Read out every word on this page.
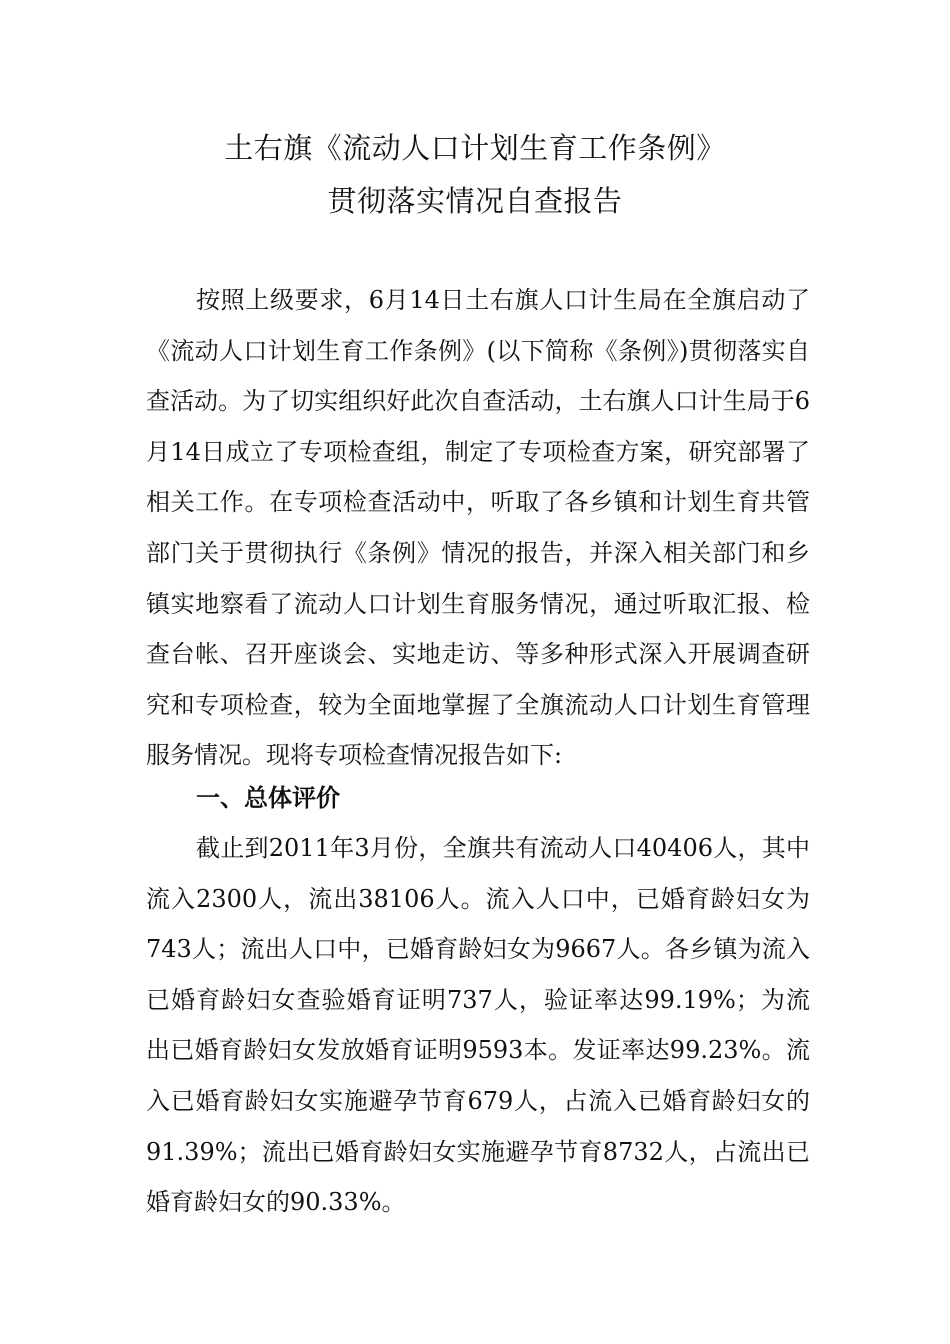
土右旗《流动人口计划生育工作条例》
贯彻落实情况自查报告

按照上级要求，6月14日土右旗人口计生局在全旗启动了《流动人口计划生育工作条例》(以下简称《条例》)贯彻落实自查活动。为了切实组织好此次自查活动，土右旗人口计生局于6月14日成立了专项检查组，制定了专项检查方案，研究部署了相关工作。在专项检查活动中，听取了各乡镇和计划生育共管部门关于贯彻执行《条例》情况的报告，并深入相关部门和乡镇实地察看了流动人口计划生育服务情况，通过听取汇报、检查台帐、召开座谈会、实地走访、等多种形式深入开展调查研究和专项检查，较为全面地掌握了全旗流动人口计划生育管理服务情况。现将专项检查情况报告如下:

一、总体评价

截止到2011年3月份，全旗共有流动人口40406人，其中流入2300人，流出38106人。流入人口中，已婚育龄妇女为743人；流出人口中，已婚育龄妇女为9667人。各乡镇为流入已婚育龄妇女查验婚育证明737人，验证率达99.19%；为流出已婚育龄妇女发放婚育证明9593本。发证率达99.23%。流入已婚育龄妇女实施避孕节育679人，占流入已婚育龄妇女的91.39%；流出已婚育龄妇女实施避孕节育8732人，占流出已婚育龄妇女的90.33%。
